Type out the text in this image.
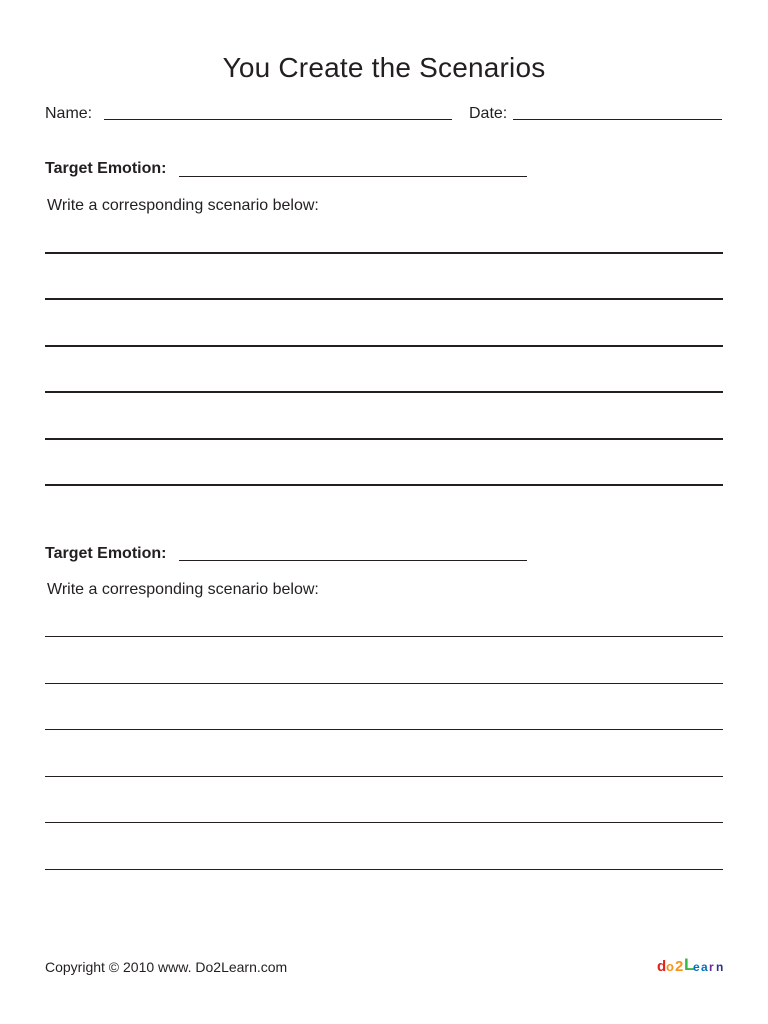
You Create the Scenarios
Name:	Date:
Target Emotion:
Write a corresponding scenario below:
Target Emotion:
Write a corresponding scenario below:
Copyright © 2010 www. Do2Learn.com	d o 2 L
e a r n
